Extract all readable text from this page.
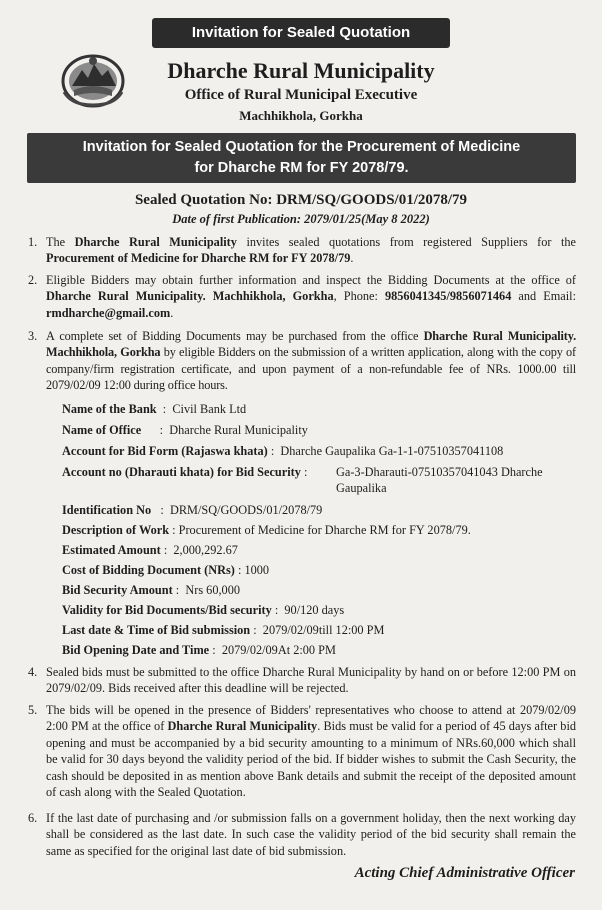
Invitation for Sealed Quotation
Dharche Rural Municipality
Office of Rural Municipal Executive
Machhikhola, Gorkha
Invitation for Sealed Quotation for the Procurement of Medicine
for Dharche RM for FY 2078/79.
Sealed Quotation No: DRM/SQ/GOODS/01/2078/79
Date of first Publication: 2079/01/25(May 8 2022)
1. The Dharche Rural Municipality invites sealed quotations from registered Suppliers for the Procurement of Medicine for Dharche RM for FY 2078/79.
2. Eligible Bidders may obtain further information and inspect the Bidding Documents at the office of Dharche Rural Municipality. Machhikhola, Gorkha, Phone: 9856041345/9856071464 and Email: rmdharche@gmail.com.
3. A complete set of Bidding Documents may be purchased from the office Dharche Rural Municipality. Machhikhola, Gorkha by eligible Bidders on the submission of a written application, along with the copy of company/firm registration certificate, and upon payment of a non-refundable fee of NRs. 1000.00 till 2079/02/09 12:00 during office hours.
Name of the Bank : Civil Bank Ltd
Name of Office : Dharche Rural Municipality
Account for Bid Form (Rajaswa khata) : Dharche Gaupalika Ga-1-1-07510357041108
Account no (Dharauti khata) for Bid Security : Ga-3-Dharauti-07510357041043 Dharche Gaupalika
Identification No : DRM/SQ/GOODS/01/2078/79
Description of Work : Procurement of Medicine for Dharche RM for FY 2078/79.
Estimated Amount : 2,000,292.67
Cost of Bidding Document (NRs) : 1000
Bid Security Amount : Nrs 60,000
Validity for Bid Documents/Bid security : 90/120 days
Last date & Time of Bid submission : 2079/02/09till 12:00 PM
Bid Opening Date and Time : 2079/02/09At 2:00 PM
4. Sealed bids must be submitted to the office Dharche Rural Municipality by hand on or before 12:00 PM on 2079/02/09. Bids received after this deadline will be rejected.
5. The bids will be opened in the presence of Bidders' representatives who choose to attend at 2079/02/09 2:00 PM at the office of Dharche Rural Municipality. Bids must be valid for a period of 45 days after bid opening and must be accompanied by a bid security amounting to a minimum of NRs.60,000 which shall be valid for 30 days beyond the validity period of the bid. If bidder wishes to submit the Cash Security, the cash should be deposited in as mention above Bank details and submit the receipt of the deposited amount of cash along with the Sealed Quotation.
6. If the last date of purchasing and /or submission falls on a government holiday, then the next working day shall be considered as the last date. In such case the validity period of the bid security shall remain the same as specified for the original last date of bid submission.
Acting Chief Administrative Officer
